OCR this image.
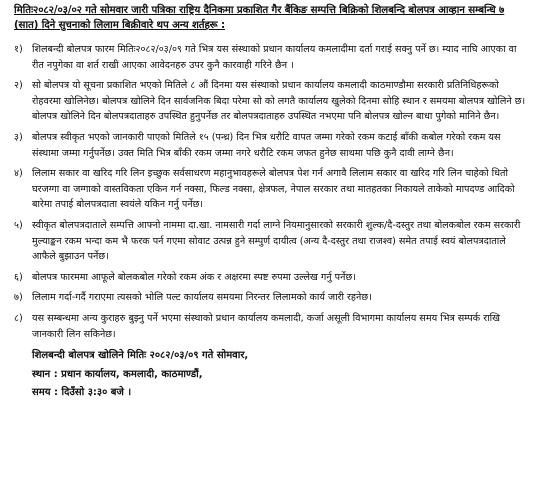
मितिः२०८२/०३/०२ गते सोमवार जारी पत्रिका राष्ट्रिय दैनिकमा प्रकाशित गैर बैंकिङ सम्पत्ति बिक्रिको शिलबन्दि बोलपत्र आव्हान सम्बन्धि ७
(सात) दिने सुचनाको लिलाम बिक्रीवारे थप अन्य शर्तहरू :
१) शिलबन्दी बोलपत्र फारम मितिः२०८२/०३/०९ गते भित्र यस संस्थाको प्रधान कार्यालय कमलादीमा दर्ता गराई सक्नु पर्ने छ। म्याद नाघि आएका वा रीत नपुगेका वा शर्त राखी आएका आवेदनहरु उपर कुनै कारवाही गरिने छैन ।
२) सो बोलपत्र यो सूचना प्रकाशित भएको मितिले ८ औं दिनमा यस संस्थाको प्रधान कार्यालय कमलादी काठमाण्डौमा सरकारी प्रतिनिधिहरूको रोहवरमा खोलिनेछ। बोलपत्र खोलिने दिन सार्वजनिक बिदा परेमा सो को लगतै कार्यालय खुलेको दिनमा सोहि स्थान र समयमा बोलपत्र खोलिने छ। बोलपत्र खोलिने दिन बोलपत्रदाताहरु उपस्थित हुनुपर्नेछ तर बोलपत्रदाताहरु उपस्थित नभएमा पनि बोलपत्र खोल्न बाधा पुगेको मानिने छैन।
३) बोलपत्र स्वीकृत भएको जानकारी पाएको मितिले १५ (पन्ध्र) दिन भित्र धरौटि वापत जम्मा गरेको रकम कटाई बाँकी कबोल गरेको रकम यस संस्थामा जम्मा गर्नुपर्नेछ। उक्त मिति भित्र बाँकी रकम जम्मा नगरे धरौटि रकम जफत हुनेछ साथमा पछि कुनै दावी लाग्ने छैन।
४) लिलाम सकार वा खरिद गरि लिन इच्छुक सर्वसाधरण महानुभावहरूले बोलपत्र पेश गर्न अगावै लिलाम सकार वा खरिद गरि लिन चाहेको धितो घरजग्गा वा जग्गाको वास्तविकता एकिन गर्न नक्सा, फिल्ड नक्सा, क्षेत्रफल, नेपाल सरकार तथा मातहतका निकायले ताकेको मापदण्ड आदिको बारेमा तपाई बोलपत्रदाता स्वयंले यकिन गर्नु पर्नेछ।
५) स्वीकृत बोलपत्रदाताले सम्पत्ति आफ्नो नाममा दा.खा. नामसारी गर्दा लाग्ने नियमानुसारको सरकारी शुल्क/दै-दस्तुर तथा बोलकबोल रकम सरकारी मुल्याङ्कन रकम भन्दा कम भै फरक पर्न गएमा सोवाट उत्पन्न हुने सम्पुर्ण दायीत्व (अन्य दै-दस्तुर तथा राजश्व) समेत तपाई स्वयं बोलपत्रदाताले आफैले बुझाउन पर्नेछ।
६) बोलपत्र फारममा आफूले बोलकबोल गरेको रकम अंक र अक्षरमा स्पष्ट रुपमा उल्लेख गर्नु पर्नेछ।
७) लिलाम गर्दा-गर्दै गराएमा त्यसको भोलि पल्ट कार्यालय समयमा निरन्तर लिलामको कार्य जारी रहनेछ।
८) यस सम्बन्धमा अन्य कुराहरु बुझ्नु पर्ने भएमा संस्थाको प्रधान कार्यालय कमलादी, कर्जा असूली विभागमा कार्यालय समय भित्र सम्पर्क राखि जानकारी लिन सकिनेछ।
शिलबन्दी बोलपत्र खोलिने मितिः २०८२/०३/०९ गते सोमवार,
स्थान : प्रधान कार्यालय, कमलादी, काठमाण्डौं,
समय : दिउँसो ३:३० बजे ।
